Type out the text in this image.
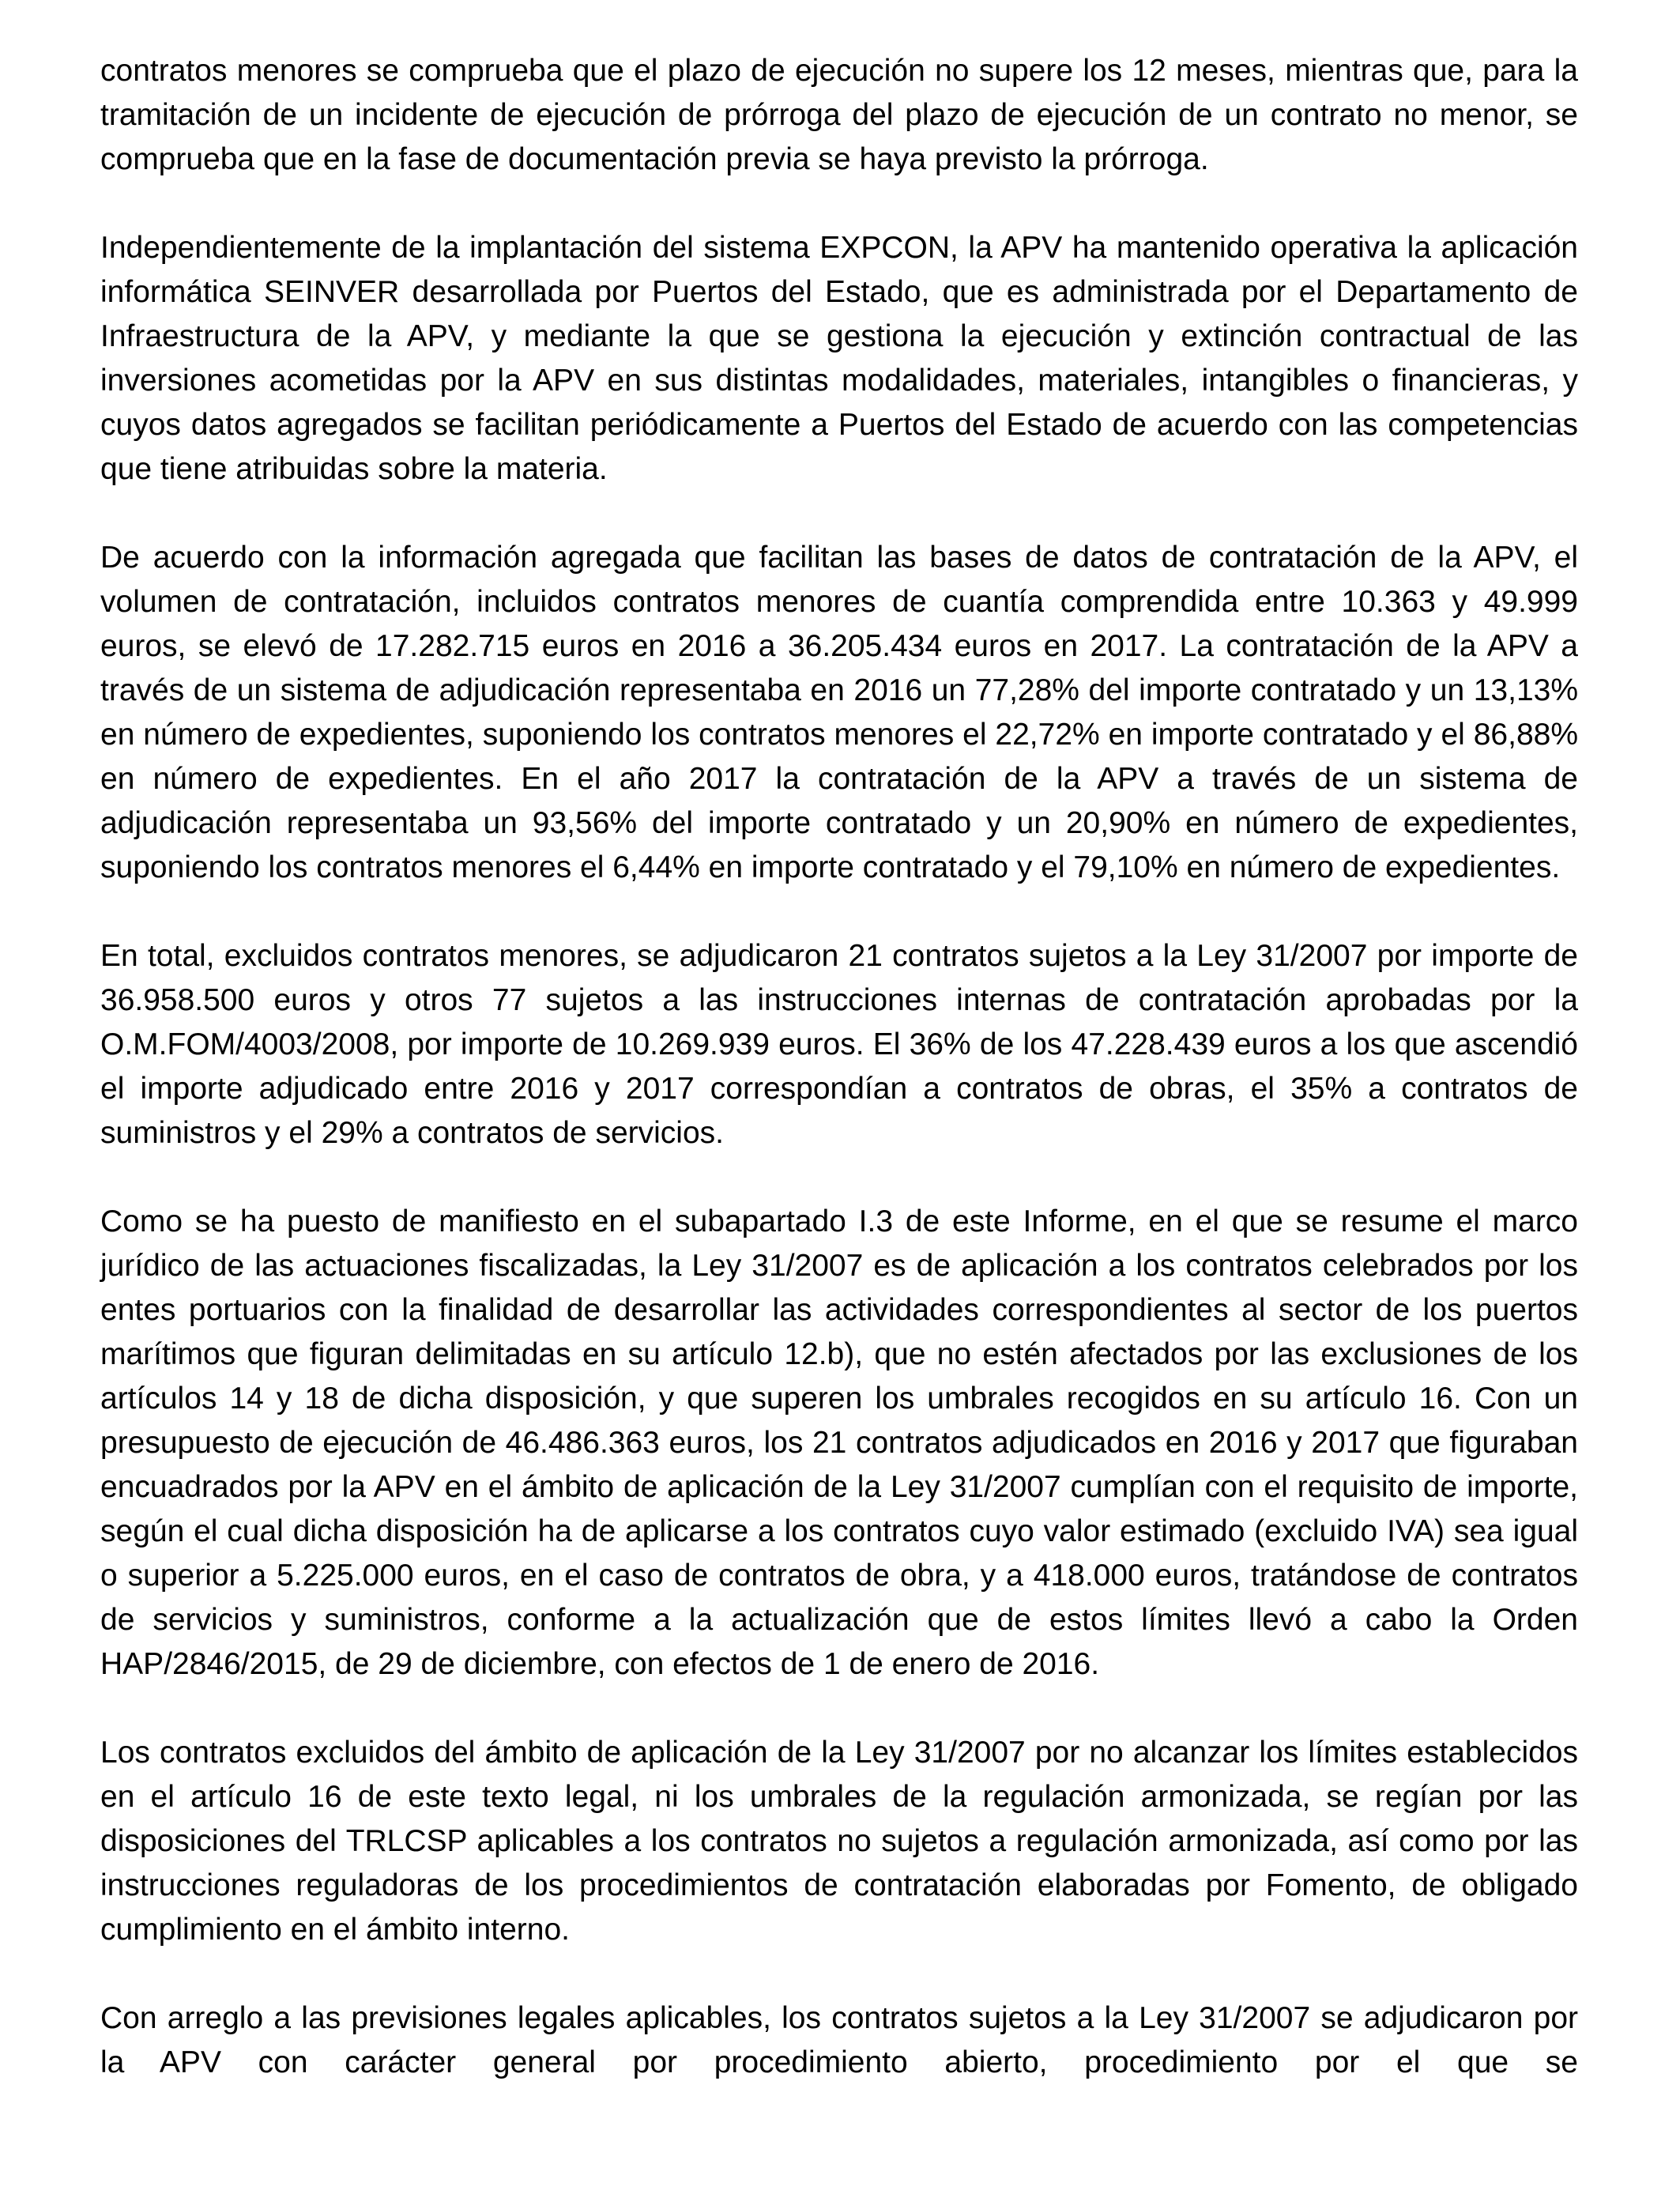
contratos menores se comprueba que el plazo de ejecución no supere los 12 meses, mientras que, para la tramitación de un incidente de ejecución de prórroga del plazo de ejecución de un contrato no menor, se comprueba que en la fase de documentación previa se haya previsto la prórroga.

Independientemente de la implantación del sistema EXPCON, la APV ha mantenido operativa la aplicación informática SEINVER desarrollada por Puertos del Estado, que es administrada por el Departamento de Infraestructura de la APV, y mediante la que se gestiona la ejecución y extinción contractual de las inversiones acometidas por la APV en sus distintas modalidades, materiales, intangibles o financieras, y cuyos datos agregados se facilitan periódicamente a Puertos del Estado de acuerdo con las competencias que tiene atribuidas sobre la materia.

De acuerdo con la información agregada que facilitan las bases de datos de contratación de la APV, el volumen de contratación, incluidos contratos menores de cuantía comprendida entre 10.363 y 49.999 euros, se elevó de 17.282.715 euros en 2016 a 36.205.434 euros en 2017. La contratación de la APV a través de un sistema de adjudicación representaba en 2016 un 77,28% del importe contratado y un 13,13% en número de expedientes, suponiendo los contratos menores el 22,72% en importe contratado y el 86,88% en número de expedientes. En el año 2017 la contratación de la APV a través de un sistema de adjudicación representaba un 93,56% del importe contratado y un 20,90% en número de expedientes, suponiendo los contratos menores el 6,44% en importe contratado y el 79,10% en número de expedientes.

En total, excluidos contratos menores, se adjudicaron 21 contratos sujetos a la Ley 31/2007 por importe de 36.958.500 euros y otros 77 sujetos a las instrucciones internas de contratación aprobadas por la O.M.FOM/4003/2008, por importe de 10.269.939 euros. El 36% de los 47.228.439 euros a los que ascendió el importe adjudicado entre 2016 y 2017 correspondían a contratos de obras, el 35% a contratos de suministros y el 29% a contratos de servicios.

Como se ha puesto de manifiesto en el subapartado I.3 de este Informe, en el que se resume el marco jurídico de las actuaciones fiscalizadas, la Ley 31/2007 es de aplicación a los contratos celebrados por los entes portuarios con la finalidad de desarrollar las actividades correspondientes al sector de los puertos marítimos que figuran delimitadas en su artículo 12.b), que no estén afectados por las exclusiones de los artículos 14 y 18 de dicha disposición, y que superen los umbrales recogidos en su artículo 16. Con un presupuesto de ejecución de 46.486.363 euros, los 21 contratos adjudicados en 2016 y 2017 que figuraban encuadrados por la APV en el ámbito de aplicación de la Ley 31/2007 cumplían con el requisito de importe, según el cual dicha disposición ha de aplicarse a los contratos cuyo valor estimado (excluido IVA) sea igual o superior a 5.225.000 euros, en el caso de contratos de obra, y a 418.000 euros, tratándose de contratos de servicios y suministros, conforme a la actualización que de estos límites llevó a cabo la Orden HAP/2846/2015, de 29 de diciembre, con efectos de 1 de enero de 2016.

Los contratos excluidos del ámbito de aplicación de la Ley 31/2007 por no alcanzar los límites establecidos en el artículo 16 de este texto legal, ni los umbrales de la regulación armonizada, se regían por las disposiciones del TRLCSP aplicables a los contratos no sujetos a regulación armonizada, así como por las instrucciones reguladoras de los procedimientos de contratación elaboradas por Fomento, de obligado cumplimiento en el ámbito interno.

Con arreglo a las previsiones legales aplicables, los contratos sujetos a la Ley 31/2007 se adjudicaron por la APV con carácter general por procedimiento abierto, procedimiento por el que se
